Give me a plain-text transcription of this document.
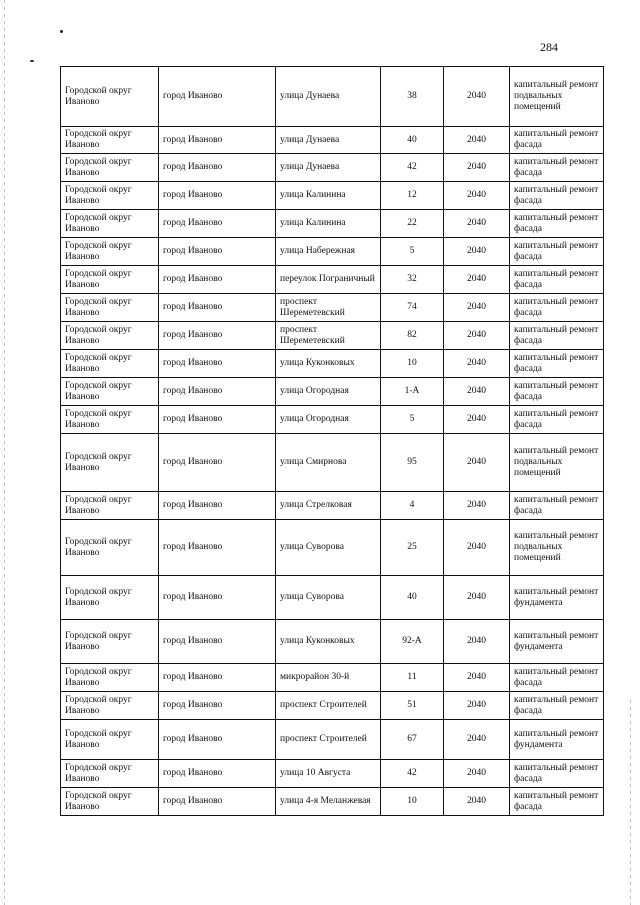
284
Городской округ Иваново	город Иваново	улица Дунаева	38	2040	капитальный ремонт подвальных помещений
Городской округ Иваново	город Иваново	улица Дунаева	40	2040	капитальный ремонт фасада
Городской округ Иваново	город Иваново	улица Дунаева	42	2040	капитальный ремонт фасада
Городской округ Иваново	город Иваново	улица Калинина	12	2040	капитальный ремонт фасада
Городской округ Иваново	город Иваново	улица Калинина	22	2040	капитальный ремонт фасада
Городской округ Иваново	город Иваново	улица Набережная	5	2040	капитальный ремонт фасада
Городской округ Иваново	город Иваново	переулок Пограничный	32	2040	капитальный ремонт фасада
Городской округ Иваново	город Иваново	проспект Шереметевский	74	2040	капитальный ремонт фасада
Городской округ Иваново	город Иваново	проспект Шереметевский	82	2040	капитальный ремонт фасада
Городской округ Иваново	город Иваново	улица Куконковых	10	2040	капитальный ремонт фасада
Городской округ Иваново	город Иваново	улица Огородная	1-А	2040	капитальный ремонт фасада
Городской округ Иваново	город Иваново	улица Огородная	5	2040	капитальный ремонт фасада
Городской округ Иваново	город Иваново	улица Смирнова	95	2040	капитальный ремонт подвальных помещений
Городской округ Иваново	город Иваново	улица Стрелковая	4	2040	капитальный ремонт фасада
Городской округ Иваново	город Иваново	улица Суворова	25	2040	капитальный ремонт подвальных помещений
Городской округ Иваново	город Иваново	улица Суворова	40	2040	капитальный ремонт фундамента
Городской округ Иваново	город Иваново	улица Куконковых	92-А	2040	капитальный ремонт фундамента
Городской округ Иваново	город Иваново	микрорайон 30-й	11	2040	капитальный ремонт фасада
Городской округ Иваново	город Иваново	проспект Строителей	51	2040	капитальный ремонт фасада
Городской округ Иваново	город Иваново	проспект Строителей	67	2040	капитальный ремонт фундамента
Городской округ Иваново	город Иваново	улица 10 Августа	42	2040	капитальный ремонт фасада
Городской округ Иваново	город Иваново	улица 4-я Меланжевая	10	2040	капитальный ремонт фасада
